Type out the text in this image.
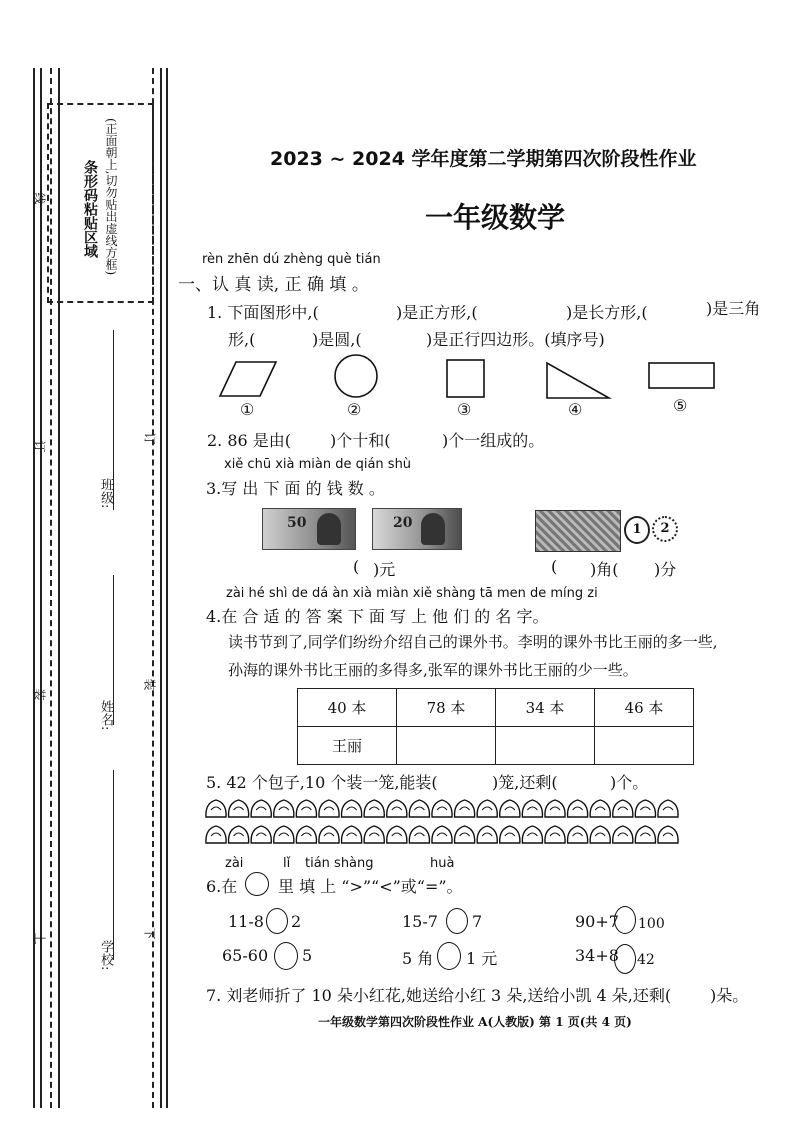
条形码粘贴区域 (正面朝上,切勿贴出虚线方框)
线
订
订
装
装
上	下
班级:
姓名:
学校:
2023 ~ 2024 学年度第二学期第四次阶段性作业
一年级数学
rèn zhēn dú zhèng què tián
一、认 真 读, 正 确 填 。
1. 下面图形中,(	)是正方形,(	)是长方形,(	)是三角
形,(	)是圆,(	)是正行四边形。(填序号)
①	②	③	④	⑤
2. 86 是由( )个十和(	)个一组成的。
xiě chū xià miàn de qián shù
3.写 出 下 面 的 钱 数 。
50	20	1	2
( )元	( )角( )分
zài hé shì de dá àn xià miàn xiě shàng tā men de míng zi
4.在 合 适 的 答 案 下 面 写 上 他 们 的 名 字。
读书节到了,同学们纷纷介绍自己的课外书。李明的课外书比王丽的多一些,
孙海的课外书比王丽的多得多,张军的课外书比王丽的少一些。
40 本	78 本	34 本	46 本
王丽			
5. 42 个包子,10 个装一笼,能装(	)笼,还剩(	)个。
zài	lǐ tián shàng	huà
6.在	里 填 上 “>”“<”或“=”。
11-8 2	15-7 7	90+7 100
65-60 5	5 角 1 元	34+8 42
7. 刘老师折了 10 朵小红花,她送给小红 3 朵,送给小凯 4 朵,还剩( )朵。
一年级数学第四次阶段性作业 A(人教版) 第 1 页(共 4 页)
